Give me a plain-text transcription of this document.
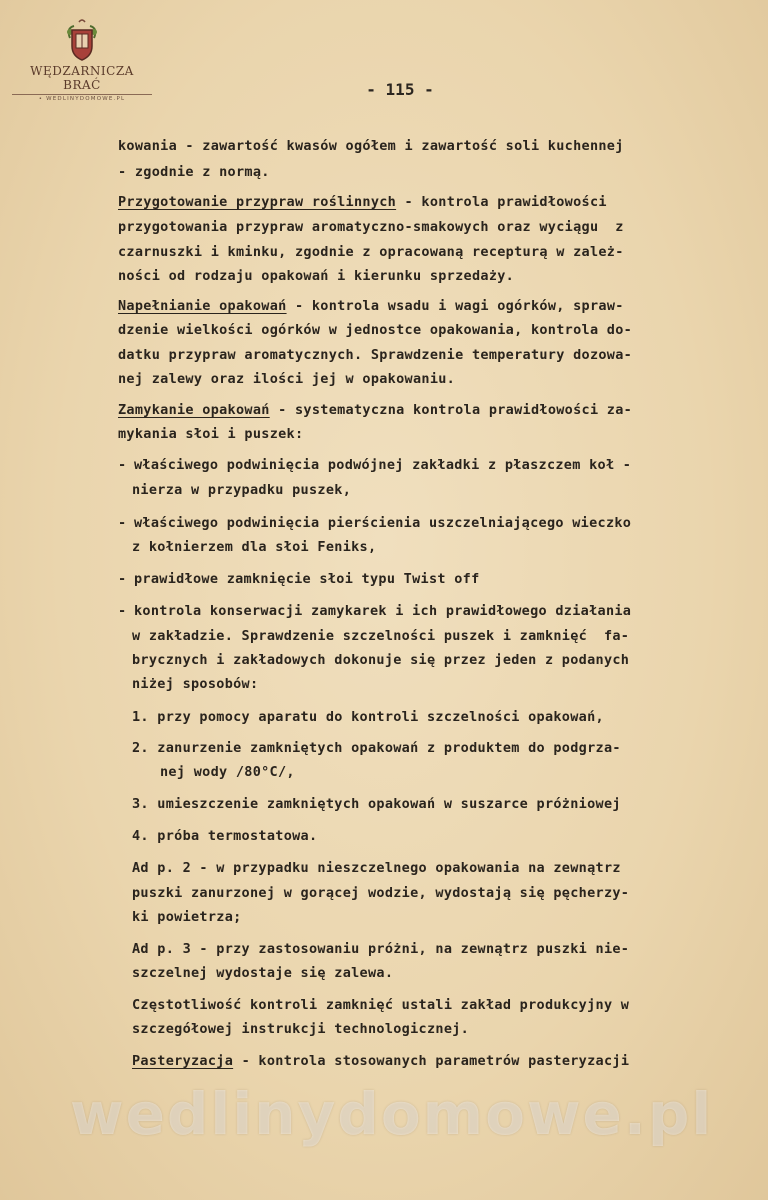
WĘDZARNICZA BRAĆ
• WEDLINYDOMOWE.PL	- 115 -
kowania - zawartość kwasów ogółem i zawartość soli kuchennej
- zgodnie z normą.
Przygotowanie przypraw roślinnych - kontrola prawidłowości
przygotowania przypraw aromatyczno-smakowych oraz wyciągu  z
czarnuszki i kminku, zgodnie z opracowaną recepturą w zależ-
ności od rodzaju opakowań i kierunku sprzedaży.
Napełnianie opakowań - kontrola wsadu i wagi ogórków, spraw-
dzenie wielkości ogórków w jednostce opakowania, kontrola do-
datku przypraw aromatycznych. Sprawdzenie temperatury dozowa-
nej zalewy oraz ilości jej w opakowaniu.
Zamykanie opakowań - systematyczna kontrola prawidłowości za-
mykania słoi i puszek:
- właściwego podwinięcia podwójnej zakładki z płaszczem koł -
nierza w przypadku puszek,
- właściwego podwinięcia pierścienia uszczelniającego wieczko
z kołnierzem dla słoi Feniks,
- prawidłowe zamknięcie słoi typu Twist off
- kontrola konserwacji zamykarek i ich prawidłowego działania
w zakładzie. Sprawdzenie szczelności puszek i zamknięć  fa-
brycznych i zakładowych dokonuje się przez jeden z podanych
niżej sposobów:
1. przy pomocy aparatu do kontroli szczelności opakowań,
2. zanurzenie zamkniętych opakowań z produktem do podgrza-
nej wody /80°C/,
3. umieszczenie zamkniętych opakowań w suszarce próżniowej
4. próba termostatowa.
Ad p. 2 - w przypadku nieszczelnego opakowania na zewnątrz
puszki zanurzonej w gorącej wodzie, wydostają się pęcherzy-
ki powietrza;
Ad p. 3 - przy zastosowaniu próżni, na zewnątrz puszki nie-
szczelnej wydostaje się zalewa.
Częstotliwość kontroli zamknięć ustali zakład produkcyjny w
szczegółowej instrukcji technologicznej.
Pasteryzacja - kontrola stosowanych parametrów pasteryzacji
wedlinydomowe.pl
